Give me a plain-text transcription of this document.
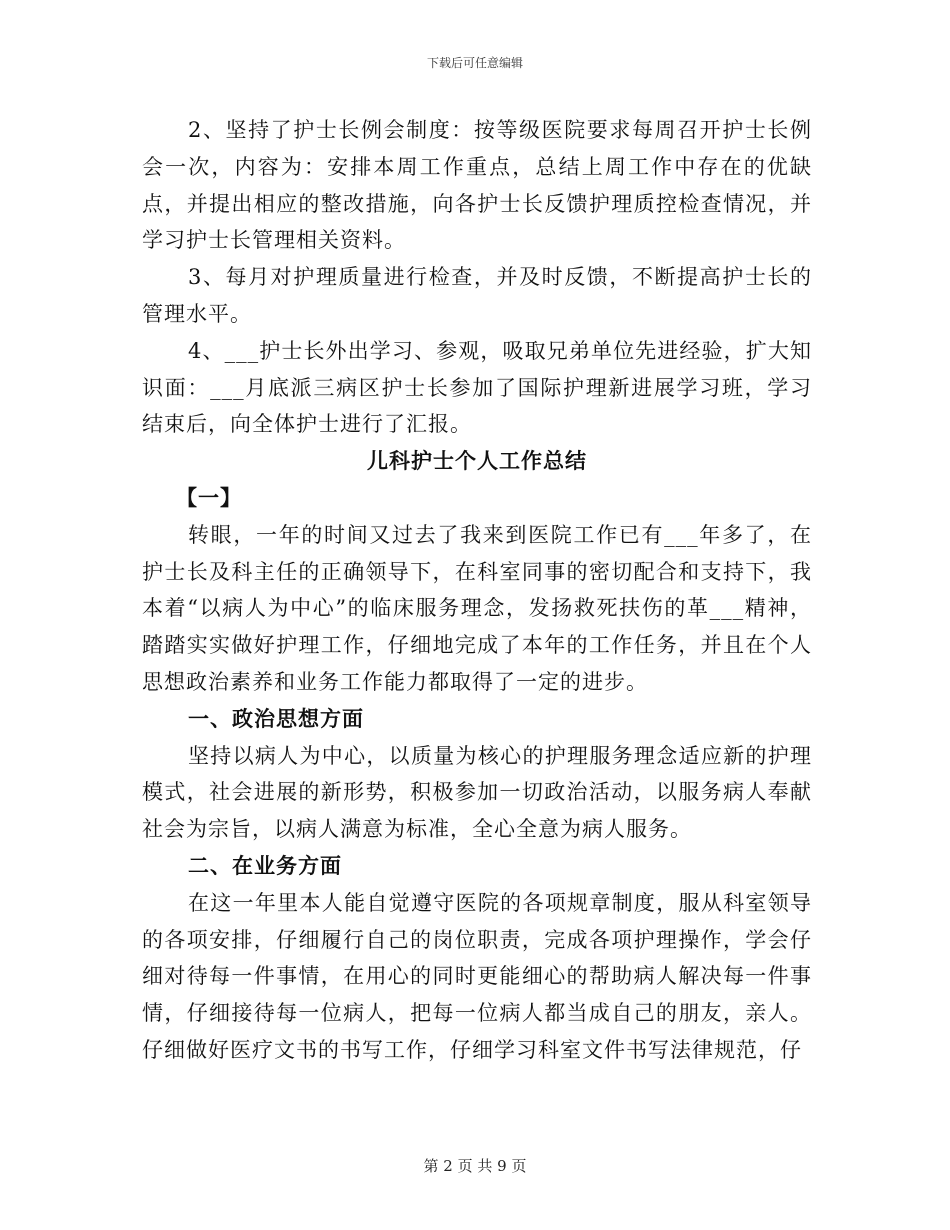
下载后可任意编辑

2、坚持了护士长例会制度：按等级医院要求每周召开护士长例会一次，内容为：安排本周工作重点，总结上周工作中存在的优缺点，并提出相应的整改措施，向各护士长反馈护理质控检查情况，并学习护士长管理相关资料。

3、每月对护理质量进行检查，并及时反馈，不断提高护士长的管理水平。

4、___护士长外出学习、参观，吸取兄弟单位先进经验，扩大知识面：___月底派三病区护士长参加了国际护理新进展学习班，学习结束后，向全体护士进行了汇报。

儿科护士个人工作总结

【一】

转眼，一年的时间又过去了我来到医院工作已有___年多了，在护士长及科主任的正确领导下，在科室同事的密切配合和支持下，我本着“以病人为中心”的临床服务理念，发扬救死扶伤的革___精神，踏踏实实做好护理工作，仔细地完成了本年的工作任务，并且在个人思想政治素养和业务工作能力都取得了一定的进步。

一、政治思想方面

坚持以病人为中心，以质量为核心的护理服务理念适应新的护理模式，社会进展的新形势，积极参加一切政治活动，以服务病人奉献社会为宗旨，以病人满意为标准，全心全意为病人服务。

二、在业务方面

在这一年里本人能自觉遵守医院的各项规章制度，服从科室领导的各项安排，仔细履行自己的岗位职责，完成各项护理操作，学会仔细对待每一件事情，在用心的同时更能细心的帮助病人解决每一件事情，仔细接待每一位病人，把每一位病人都当成自己的朋友，亲人。仔细做好医疗文书的书写工作，仔细学习科室文件书写法律规范，仔

第 2 页 共 9 页
